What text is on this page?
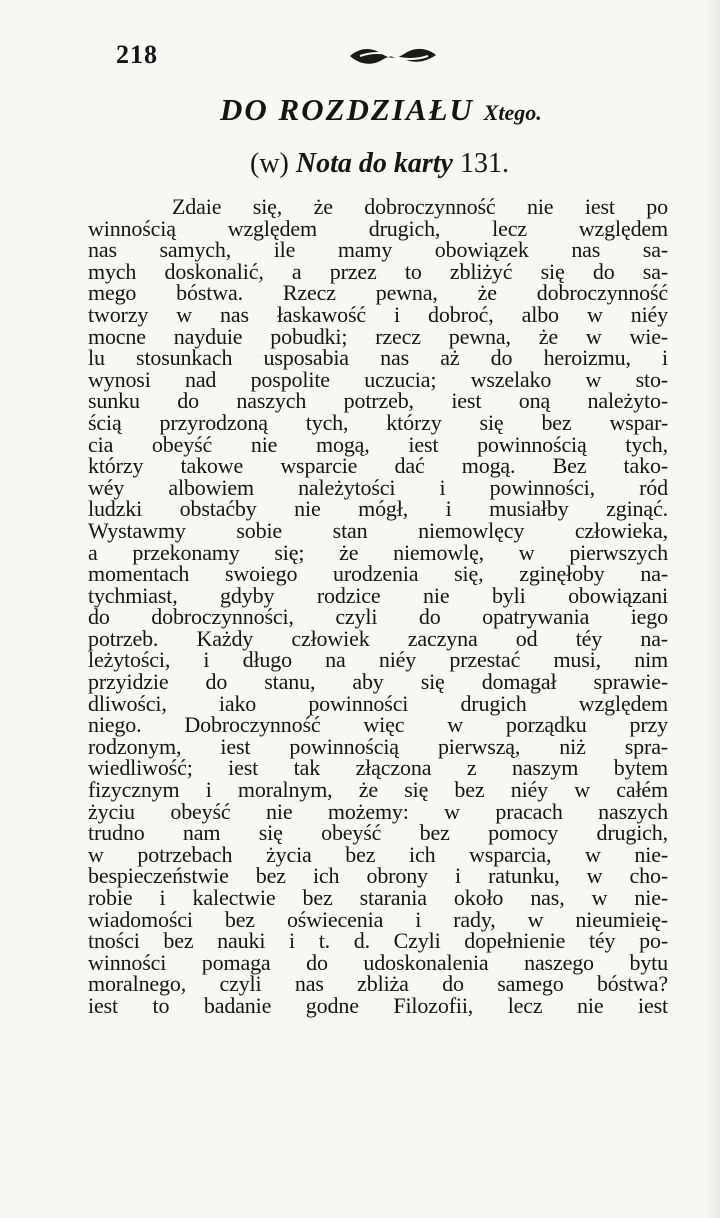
218
DO ROZDZIAŁU Xtego.
(w) Nota do karty 131.
Zdaie się, że dobroczynność nie iest po
winnością względem drugich, lecz względem
nas samych, ile mamy obowiązek nas sa-
mych doskonalić, a przez to zbliżyć się do sa-
mego bóstwa. Rzecz pewna, że dobroczynność
tworzy w nas łaskawość i dobroć, albo w niéy
mocne nayduie pobudki; rzecz pewna, że w wie-
lu stosunkach usposabia nas aż do heroizmu, i
wynosi nad pospolite uczucia; wszelako w sto-
sunku do naszych potrzeb, iest oną należyto-
ścią przyrodzoną tych, którzy się bez wspar-
cia obeyść nie mogą, iest powinnością tych,
którzy takowe wsparcie dać mogą. Bez tako-
wéy albowiem należytości i powinności, ród
ludzki obstaćby nie mógł, i musiałby zginąć.
Wystawmy sobie stan niemowlęcy człowieka,
a przekonamy się; że niemowlę, w pierwszych
momentach swoiego urodzenia się, zginęłoby na-
tychmiast, gdyby rodzice nie byli obowiązani
do dobroczynności, czyli do opatrywania iego
potrzeb. Każdy człowiek zaczyna od téy na-
leżytości, i długo na niéy przestać musi, nim
przyidzie do stanu, aby się domagał sprawie-
dliwości, iako powinności drugich względem
niego. Dobroczynność więc w porządku przy
rodzonym, iest powinnością pierwszą, niż spra-
wiedliwość; iest tak złączona z naszym bytem
fizycznym i moralnym, że się bez niéy w całém
życiu obeyść nie możemy: w pracach naszych
trudno nam się obeyść bez pomocy drugich,
w potrzebach życia bez ich wsparcia, w nie-
bespieczeństwie bez ich obrony i ratunku, w cho-
robie i kalectwie bez starania około nas, w nie-
wiadomości bez oświecenia i rady, w nieumieię-
tności bez nauki i t. d. Czyli dopełnienie téy po-
winności pomaga do udoskonalenia naszego bytu
moralnego, czyli nas zbliża do samego bóstwa?
iest to badanie godne Filozofii, lecz nie iest
